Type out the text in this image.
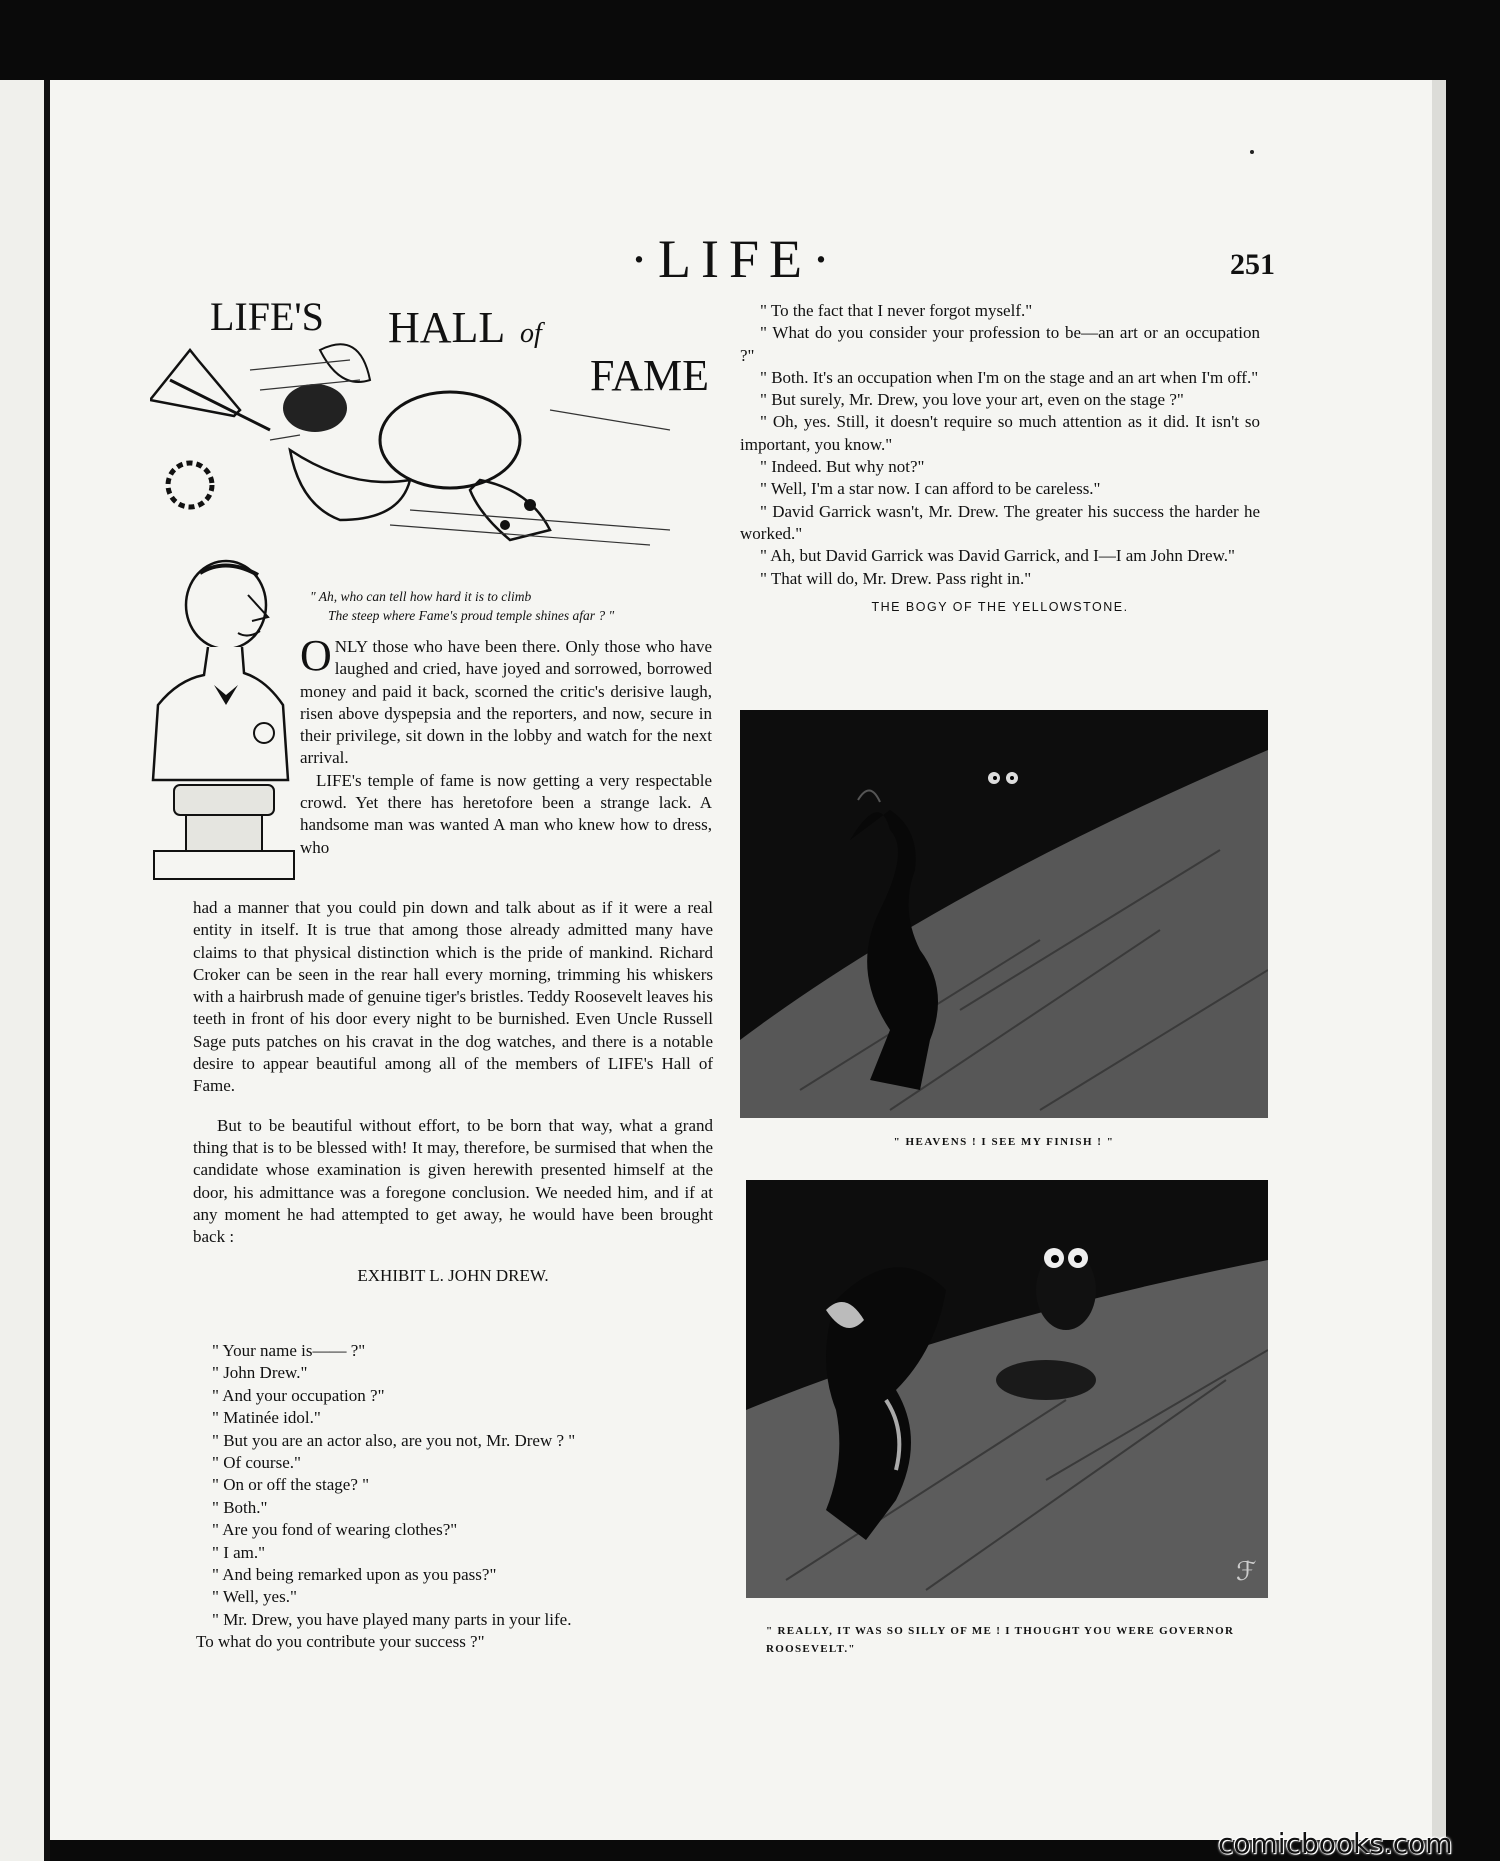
·LIFE·	251
LIFE'S HALL of
FAME
" Ah, who can tell how hard it is to climb
The steep where Fame's proud temple shines afar ? "
ONLY those who have been there. Only those who have laughed and cried, have joyed and sorrowed, borrowed money and paid it back, scorned the critic's derisive laugh, risen above dyspepsia and the reporters, and now, secure in their privilege, sit down in the lobby and watch for the next arrival.
LIFE's temple of fame is now getting a very respectable crowd. Yet there has heretofore been a strange lack. A handsome man was wanted A man who knew how to dress, who

had a manner that you could pin down and talk about as if it were a real entity in itself. It is true that among those already admitted many have claims to that physical distinction which is the pride of mankind. Richard Croker can be seen in the rear hall every morning, trimming his whiskers with a hairbrush made of genuine tiger's bristles. Teddy Roosevelt leaves his teeth in front of his door every night to be burnished. Even Uncle Russell Sage puts patches on his cravat in the dog watches, and there is a notable desire to appear beautiful among all of the members of LIFE's Hall of Fame.

But to be beautiful without effort, to be born that way, what a grand thing that is to be blessed with! It may, therefore, be surmised that when the candidate whose examination is given herewith presented himself at the door, his admittance was a foregone conclusion. We needed him, and if at any moment he had attempted to get away, he would have been brought back :

EXHIBIT L. JOHN DREW.

" Your name is—— ?"

" John Drew."

" And your occupation ?"

" Matinée idol."

" But you are an actor also, are you not, Mr. Drew ? "

" Of course."

" On or off the stage? "

" Both."

" Are you fond of wearing clothes?"

" I am."

" And being remarked upon as you pass?"

" Well, yes."

" Mr. Drew, you have played many parts in your life.

To what do you contribute your success ?"

" To the fact that I never forgot myself."

" What do you consider your profession to be—an art or an occupation ?"

" Both. It's an occupation when I'm on the stage and an art when I'm off."

" But surely, Mr. Drew, you love your art, even on the stage ?"

" Oh, yes. Still, it doesn't require so much attention as it did. It isn't so important, you know."

" Indeed. But why not?"

" Well, I'm a star now. I can afford to be careless."

" David Garrick wasn't, Mr. Drew. The greater his success the harder he worked."

" Ah, but David Garrick was David Garrick, and I—I am John Drew."

" That will do, Mr. Drew. Pass right in."

THE BOGY OF THE YELLOWSTONE.

" HEAVENS ! I SEE MY FINISH ! "
ℱ
" REALLY, IT WAS SO SILLY OF ME ! I THOUGHT YOU WERE GOVERNOR ROOSEVELT."
comicbooks.com
